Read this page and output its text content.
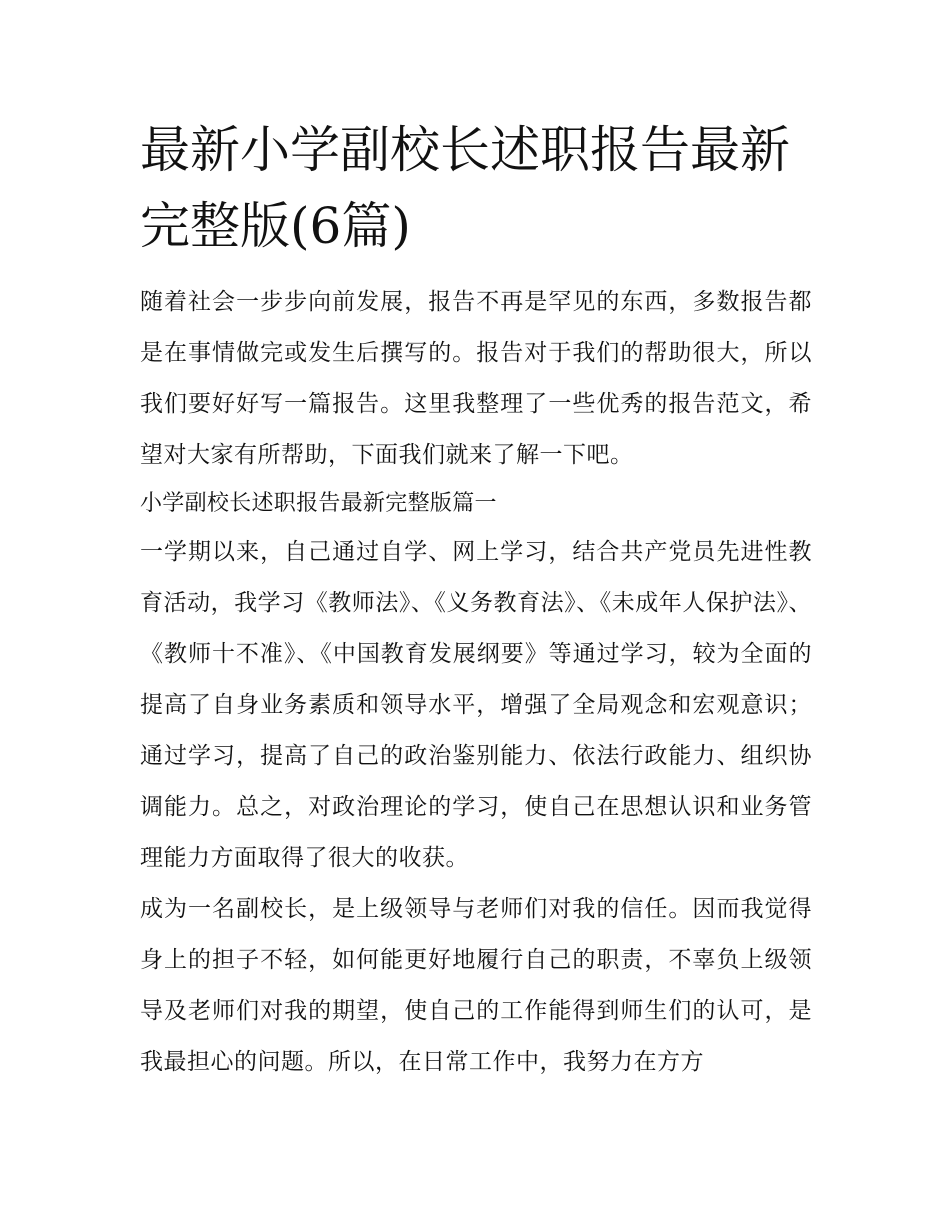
最新小学副校长述职报告最新完整版(6篇)

随着社会一步步向前发展，报告不再是罕见的东西，多数报告都是在事情做完或发生后撰写的。报告对于我们的帮助很大，所以我们要好好写一篇报告。这里我整理了一些优秀的报告范文，希望对大家有所帮助，下面我们就来了解一下吧。

小学副校长述职报告最新完整版篇一

一学期以来，自己通过自学、网上学习，结合共产党员先进性教育活动，我学习《教师法》、《义务教育法》、《未成年人保护法》、《教师十不准》、《中国教育发展纲要》等通过学习，较为全面的提高了自身业务素质和领导水平，增强了全局观念和宏观意识；通过学习，提高了自己的政治鉴别能力、依法行政能力、组织协调能力。总之，对政治理论的学习，使自己在思想认识和业务管理能力方面取得了很大的收获。

成为一名副校长，是上级领导与老师们对我的信任。因而我觉得身上的担子不轻，如何能更好地履行自己的职责，不辜负上级领导及老师们对我的期望，使自己的工作能得到师生们的认可，是我最担心的问题。所以，在日常工作中，我努力在方方
